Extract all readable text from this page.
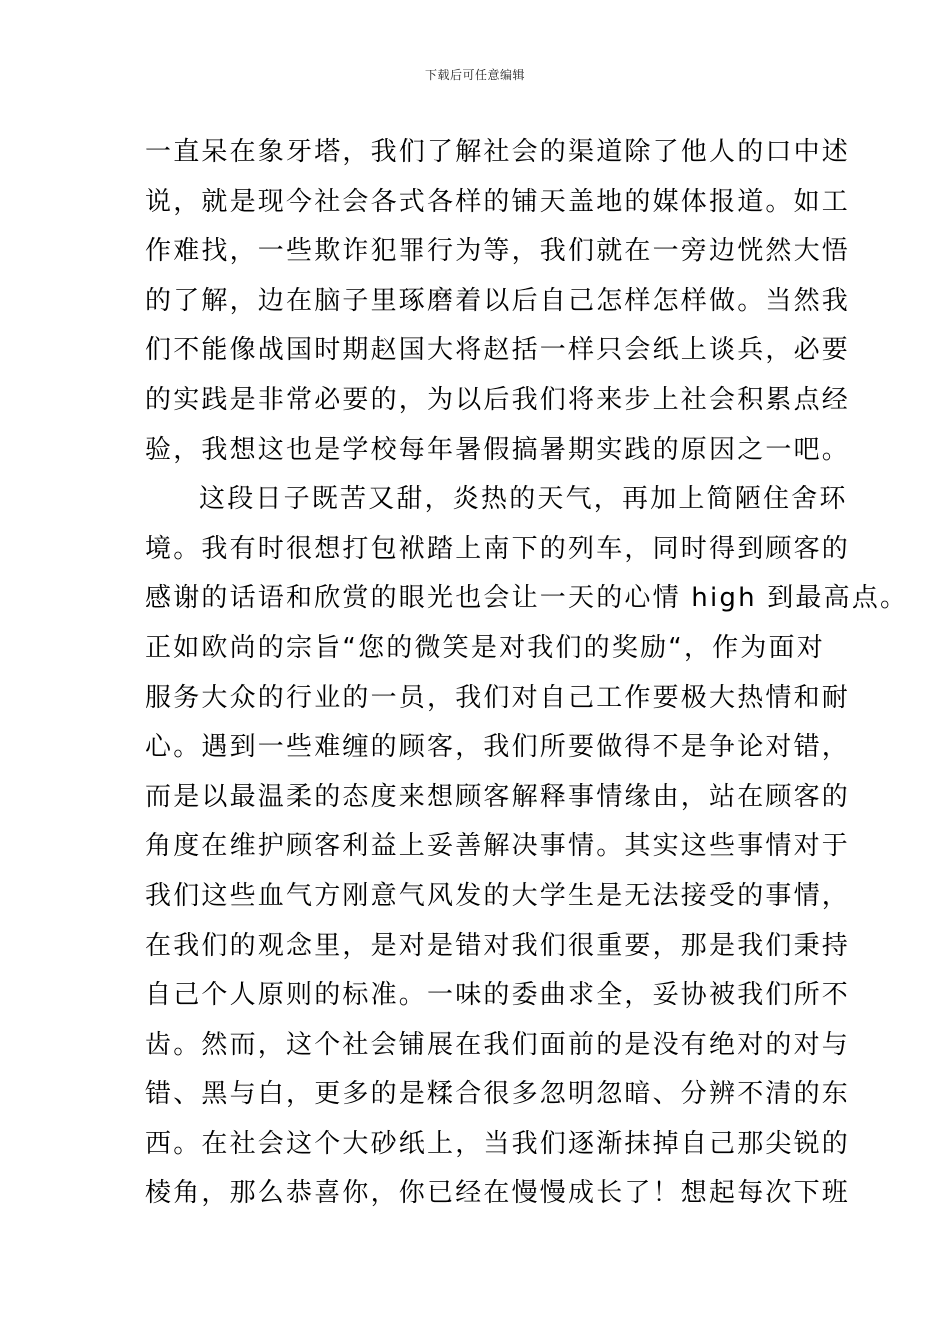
下载后可任意编辑
一直呆在象牙塔，我们了解社会的渠道除了他人的口中述
说，就是现今社会各式各样的铺天盖地的媒体报道。如工
作难找，一些欺诈犯罪行为等，我们就在一旁边恍然大悟
的了解，边在脑子里琢磨着以后自己怎样怎样做。当然我
们不能像战国时期赵国大将赵括一样只会纸上谈兵，必要
的实践是非常必要的，为以后我们将来步上社会积累点经
验，我想这也是学校每年暑假搞暑期实践的原因之一吧。
这段日子既苦又甜，炎热的天气，再加上简陋住舍环
境。我有时很想打包袱踏上南下的列车，同时得到顾客的
感谢的话语和欣赏的眼光也会让一天的心情 high 到最高点。
正如欧尚的宗旨“您的微笑是对我们的奖励“，作为面对
服务大众的行业的一员，我们对自己工作要极大热情和耐
心。遇到一些难缠的顾客，我们所要做得不是争论对错，
而是以最温柔的态度来想顾客解释事情缘由，站在顾客的
角度在维护顾客利益上妥善解决事情。其实这些事情对于
我们这些血气方刚意气风发的大学生是无法接受的事情，
在我们的观念里，是对是错对我们很重要，那是我们秉持
自己个人原则的标准。一味的委曲求全，妥协被我们所不
齿。然而，这个社会铺展在我们面前的是没有绝对的对与
错、黑与白，更多的是糅合很多忽明忽暗、分辨不清的东
西。在社会这个大砂纸上，当我们逐渐抹掉自己那尖锐的
棱角，那么恭喜你，你已经在慢慢成长了！想起每次下班
